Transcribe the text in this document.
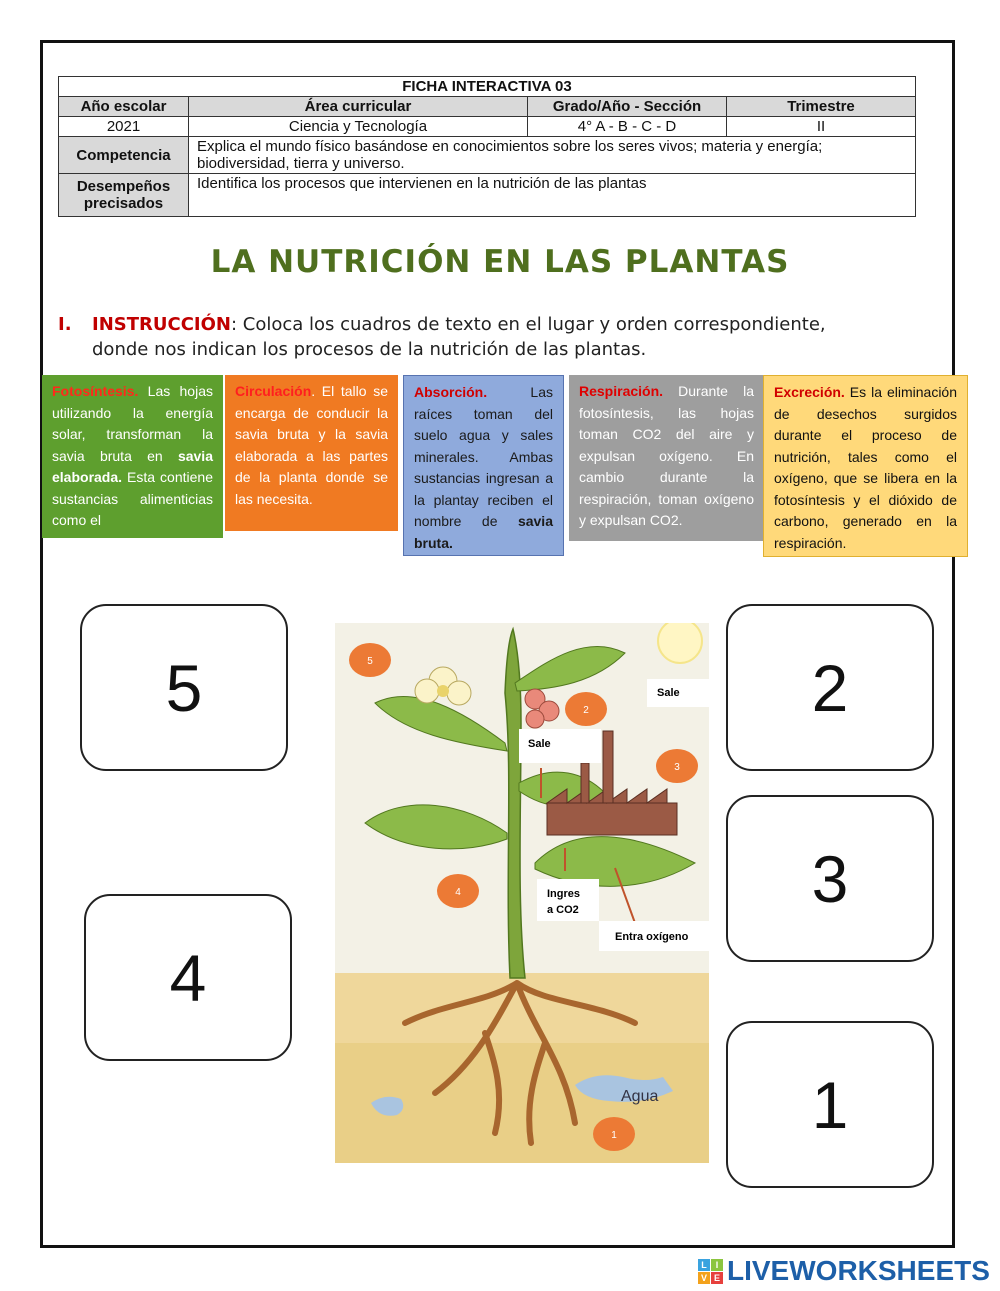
FICHA INTERACTIVA 03			
Año escolar	Área curricular	Grado/Año - Sección	Trimestre
2021	Ciencia y Tecnología	4° A - B - C - D	II
Competencia	Explica el mundo físico basándose en conocimientos sobre los seres vivos; materia y energía; biodiversidad, tierra y universo.		
Desempeños precisados	Identifica los procesos que intervienen en la nutrición de las plantas		
LA NUTRICIÓN EN LAS PLANTAS
I. INSTRUCCIÓN: Coloca los cuadros de texto en el lugar y orden correspondiente,
donde nos indican los procesos de la nutrición de las plantas.
Fotosíntesis. Las hojas utilizando la energía solar, transforman la savia bruta en savia elaborada. Esta contiene sustancias alimenticias como el
Circulación. El tallo se encarga de conducir la savia bruta y la savia elaborada a las partes de la planta donde se las necesita.
Absorción. Las raíces toman del suelo agua y sales minerales. Ambas sustancias ingresan a la plantay reciben el nombre de savia bruta.
Respiración. Durante la fotosíntesis, las hojas toman CO2 del aire y expulsan oxígeno. En cambio durante la respiración, toman oxígeno y expulsan CO2.
Excreción. Es la eliminación de desechos surgidos durante el proceso de nutrición, tales como el oxígeno, que se libera en la fotosíntesis y el dióxido de carbono, generado en la respiración.
5
4
2
3
1
Sale
Sale
Ingres
a CO2
Entra oxígeno
Agua
5
2
3
4
1
L I
V E LIVEWORKSHEETS
